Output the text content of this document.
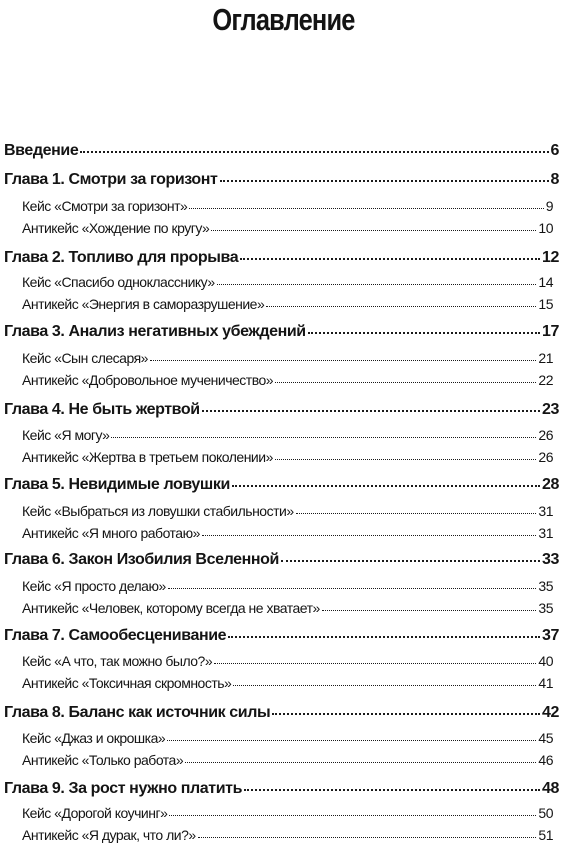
Оглавление
Введение	6
Глава 1. Смотри за горизонт	8
Кейс «Смотри за горизонт»	9
Антикейс «Хождение по кругу»	10
Глава 2. Топливо для прорыва	12
Кейс «Спасибо однокласснику»	14
Антикейс «Энергия в саморазрушение»	15
Глава 3. Анализ негативных убеждений	17
Кейс «Сын слесаря»	21
Антикейс «Добровольное мученичество»	22
Глава 4. Не быть жертвой	23
Кейс «Я могу»	26
Антикейс «Жертва в третьем поколении»	26
Глава 5. Невидимые ловушки	28
Кейс «Выбраться из ловушки стабильности»	31
Антикейс «Я много работаю»	31
Глава 6. Закон Изобилия Вселенной	33
Кейс «Я просто делаю»	35
Антикейс «Человек, которому всегда не хватает»	35
Глава 7. Самообесценивание	37
Кейс «А что, так можно было?»	40
Антикейс «Токсичная скромность»	41
Глава 8. Баланс как источник силы	42
Кейс «Джаз и окрошка»	45
Антикейс «Только работа»	46
Глава 9. За рост нужно платить	48
Кейс «Дорогой коучинг»	50
Антикейс «Я дурак, что ли?»	51
